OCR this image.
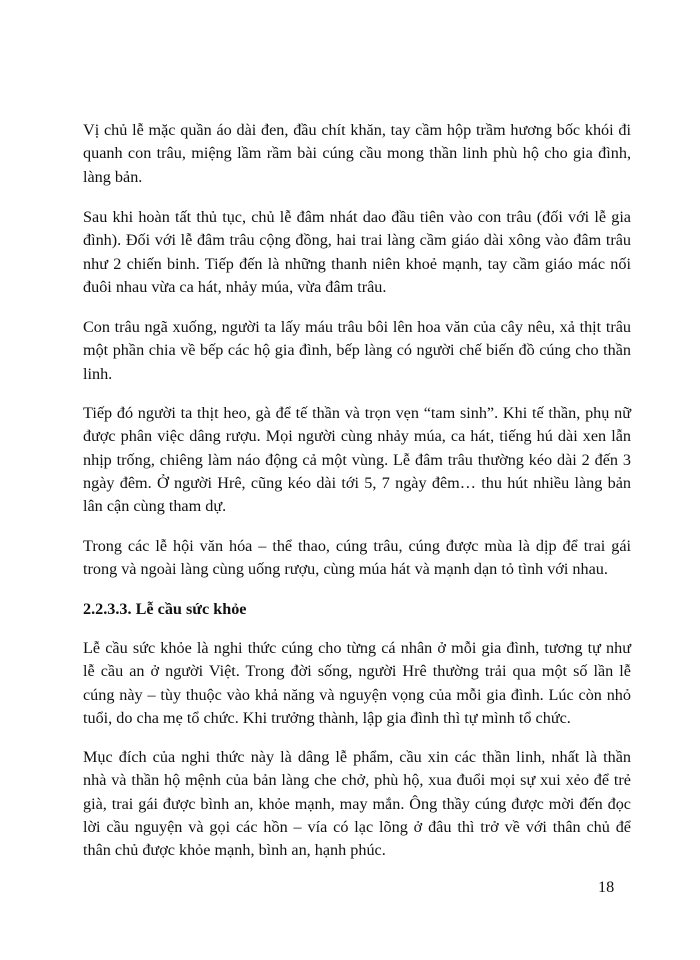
Vị chủ lễ mặc quần áo dài đen, đầu chít khăn, tay cầm hộp trầm hương bốc khói đi
quanh con trâu, miệng lầm rầm bài cúng cầu mong thần linh phù hộ cho gia đình,
làng bản.
Sau khi hoàn tất thủ tục, chủ lễ đâm nhát dao đầu tiên vào con trâu (đối với lễ gia
đình). Đối với lễ đâm trâu cộng đồng, hai trai làng cầm giáo dài xông vào đâm trâu
như 2 chiến binh. Tiếp đến là những thanh niên khoẻ mạnh, tay cầm giáo mác nối
đuôi nhau vừa ca hát, nhảy múa, vừa đâm trâu.
Con trâu ngã xuống, người ta lấy máu trâu bôi lên hoa văn của cây nêu, xả thịt trâu
một phần chia về bếp các hộ gia đình, bếp làng có người chế biến đồ cúng cho thần
linh.
Tiếp đó người ta thịt heo, gà để tế thần và trọn vẹn “tam sinh”. Khi tế thần, phụ nữ
được phân việc dâng rượu. Mọi người cùng nhảy múa, ca hát, tiếng hú dài xen lẫn
nhịp trống, chiêng làm náo động cả một vùng. Lễ đâm trâu thường kéo dài 2 đến 3
ngày đêm. Ở người Hrê, cũng kéo dài tới 5, 7 ngày đêm… thu hút nhiều làng bản
lân cận cùng tham dự.
Trong các lễ hội văn hóa – thể thao, cúng trâu, cúng được mùa là dịp để trai gái
trong và ngoài làng cùng uống rượu, cùng múa hát và mạnh dạn tỏ tình với nhau.
2.2.3.3. Lễ cầu sức khỏe
Lễ cầu sức khỏe là nghi thức cúng cho từng cá nhân ở mỗi gia đình, tương tự như
lễ cầu an ở người Việt. Trong đời sống, người Hrê thường trải qua một số lần lễ
cúng này – tùy thuộc vào khả năng và nguyện vọng của mỗi gia đình. Lúc còn nhỏ
tuổi, do cha mẹ tổ chức. Khi trưởng thành, lập gia đình thì tự mình tổ chức.
Mục đích của nghi thức này là dâng lễ phẩm, cầu xin các thần linh, nhất là thần
nhà và thần hộ mệnh của bản làng che chở, phù hộ, xua đuổi mọi sự xui xẻo để trẻ
già, trai gái được bình an, khỏe mạnh, may mắn. Ông thầy cúng được mời đến đọc
lời cầu nguyện và gọi các hồn – vía có lạc lõng ở đâu thì trở về với thân chủ để
thân chủ được khỏe mạnh, bình an, hạnh phúc.
18
